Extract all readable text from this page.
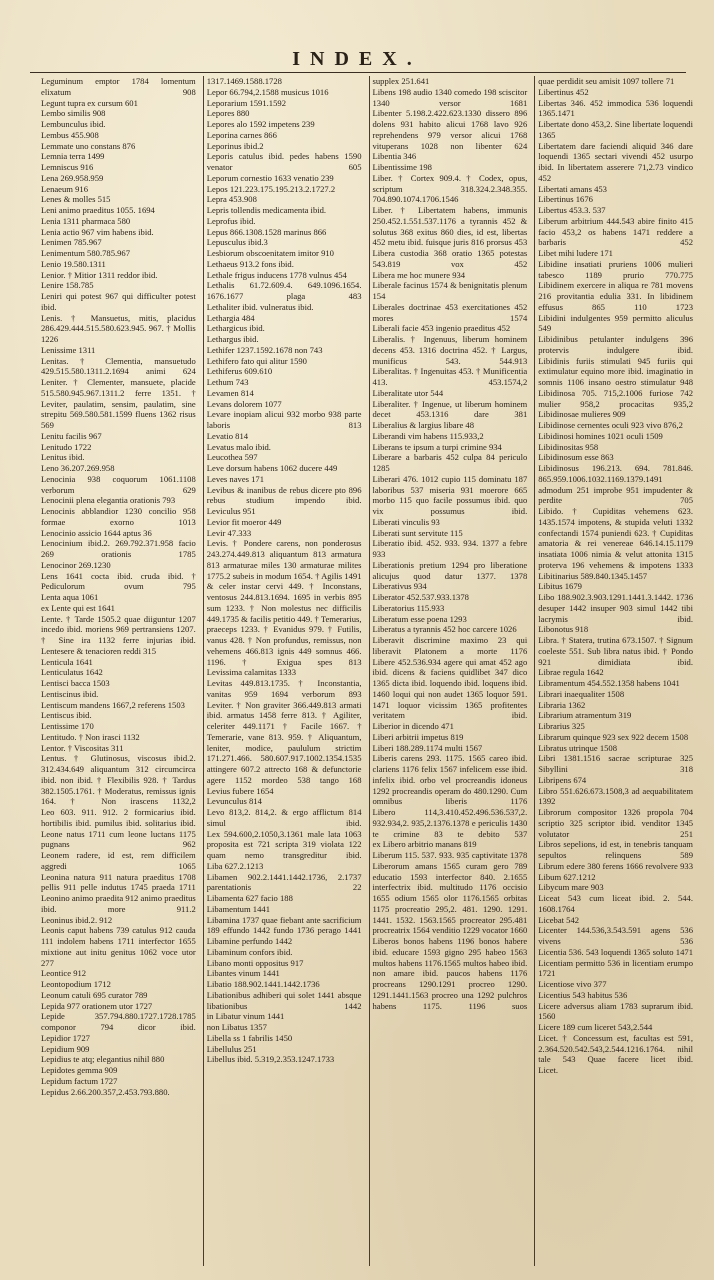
INDEX.
Leguminum emptor 1784 lomentum elixatum 908
Legunt tupra ex cursum 601
Lembo similis 908
Lembunculus ibid.
Lembus 455.908
Lemmate uno constans 876
Lemnia terra 1499
Lemniscus 916
Lena 269.958.959
Lenaeum 916
Lenes & molles 515
Leni animo praeditus 1055. 1694
Lenia 1311 pharmaca 580
Lenia actio 967 vim habens ibid.
Lenimen 785.967
Lenimentum 580.785.967
Lenio 19.580.1311
Lenior. † Mitior 1311 reddor ibid.
Lenire 158.785
Leniri qui potest 967 qui difficulter potest ibid.
Lenis. † Mansuetus, mitis, placidus 286.429.444.515.580.623.945. 967. † Mollis 1226
Lenissime 1311
Lenitas. † Clementia, mansuetudo 429.515.580.1311.2.1694 animi 624
Leniter. † Clementer, mansuete, placide 515.580.945.967.1311.2 ferre 1351. † Leviter, paulatim, sensim, paulatim, sine strepitu 569.580.581.1599 fluens 1362 risus 569
Lenitu facilis 967
Lenitudo 1722
Lenitus ibid.
Leno 36.207.269.958
Lenocinia 938 coquorum 1061.1108 verborum 629
Lenocinii plena elegantia orationis 793
Lenocinis abblandior 1230 concilio 958 formae exorno 1013
Lenocinio assicio 1644 aptus 36
Lenocinium ibid.2. 269.792.371.958 facio 269 orationis 1785
Lenocinor 269.1230
Lens 1641 cocta ibid. cruda ibid. † Pediculorum ovum 795
Lenta aqua 1061
ex Lente qui est 1641
Lente. † Tarde 1505.2 quae diiguntur 1207 incedo ibid. moriens 969 pertransiens 1207. † Sine ira 1132 ferre injurias ibid.
Lentesere & tenacioren reddi 315
Lenticula 1641
Lenticulatus 1642
Lentisci bacca 1503
Lentiscinus ibid.
Lentiscum mandens 1667,2 referens 1503
Lentiscus ibid.
Lentissime 170
Lentitudo. † Non irasci 1132
Lentor. † Viscositas 311
Lentus. † Glutinosus, viscosus ibid.2. 312.434.649 aliquantum 312 circumcirca ibid. non ibid. † Flexibilis 928. † Tardus 382.1505.1761. † Moderatus, remissus ignis 164. † Non irascens 1132,2
Leo 603. 911. 912. 2 formicarius ibid. hortibilis ibid. pumilus ibid. solitarius ibid.
Leone natus 1711 cum leone luctans 1175 pugnans 962
Leonem radere, id est, rem difficilem aggredi 1065
Leonina natura 911 natura praeditus 1708 pellis 911 pelle indutus 1745 praeda 1711
Leonino animo praedita 912 animo praeditus ibid. more 911.2
Leoninus ibid.2. 912
Leonis caput habens 739 catulus 912 cauda 111 indolem habens 1711 interfector 1655 mixtione aut initu genitus 1062 voce utor 277
Leontice 912
Leontopodium 1712
Leonum catuli 695 curator 789
Lepida 977 orationem utor 1727
Lepide 357.794.880.1727.1728.1785 componor 794 dicor ibid.
Lepidior 1727
Lepidium 909
Lepidius te atq; elegantius nihil 880
Lepidotes gemma 909
Lepidum factum 1727
Lepidus 2.66.200.357,2.453.793.880.
1317.1469.1588.1728
Lepor 66.794,2.1588 musicus 1016
Leporarium 1591.1592
Lepores 880
Lepores alo 1592 impetens 239
Leporina carnes 866
Leporinus ibid.2
Leporis catulus ibid. pedes habens 1590 venator 605
Leporum cornestio 1633 venatio 239
Lepos 121.223.175.195.213.2.1727.2
Lepra 453.908
Lepris tollendis medicamenta ibid.
Leprofus ibid.
Lepus 866.1308.1528 marinus 866
Lepusculus ibid.3
Lesbiorum obscoenitatem imitor 910
Lethaeus 913.2 fons ibid.
Lethale frigus inducens 1778 vulnus 454
Lethalis 61.72.609.4. 649.1096.1654. 1676.1677 plaga 483
Lethaliter ibid. vulneratus ibid.
Lethargia 484
Lethargicus ibid.
Lethargus ibid.
Lethifer 1237.1592.1678 non 743
Lethifero fato qui alitur 1590
Lethiferus 609.610
Lethum 743
Levamen 814
Levans dolorem 1077
Levare inopiam alicui 932 morbo 938 parte laboris 813
Levatio 814
Levatus malo ibid.
Leucothea 597
Leve dorsum habens 1062 ducere 449
Leves naves 171
Levibus & inanibus de rebus dicere pto 896 rebus studium impendo ibid.
Leviculus 951
Levior fit moeror 449
Levir 47.333
Levis. † Pondere carens, non ponderosus 243.274.449.813 aliquantum 813 armatura 813 armaturae miles 130 armaturae milites 1775.2 subeis in modum 1654. † Agilis 1491 & celer instar cervi 449. † Inconstans, ventosus 244.813.1694. 1695 in verbis 895 sum 1233. † Non molestus nec difficilis 449.1735 & facilis petitio 449. † Temerarius, praeceps 1233. † Evanidus 979. † Futilis, vanus 428. † Non profundus, remissus, non vehemens 466.813 ignis 449 somnus 466. 1196. † Exigua spes 813
Levissima calamitas 1333
Levitas 449.813.1735. † Inconstantia, vanitas 959 1694 verborum 893
Leviter. † Non graviter 366.449.813 armati ibid. armatus 1458 ferre 813. † Agiliter, celeriter 449.1171 † Facile 1667. † Temerarie, vane 813. 959. † Aliquantum, leniter, modice, paululum strictim 171.271.466. 580.607.917.1002.1354.1535 attingere 607.2 attrecto 168 & defunctorie agere 1152 mordeo 538 tango 168
Levius fubere 1654
Levunculus 814
Levo 813,2. 814,2. & ergo afflictum 814 simul ibid.
Lex 594.600,2.1050,3.1361 male lata 1063 proposita est 721 scripta 319 violata 122 quam nemo transgreditur ibid.
Liba 627.2.1213
Libamen 902.2.1441.1442.1736, 2.1737 parentationis 22
Libamenta 627 facio 188
Libamentum 1441
Libamina 1737 quae fiebant ante sacrificium 189 effundo 1442 fundo 1736 perago 1441
Libamine perfundo 1442
Libaminum confors ibid.
Libano monti oppositus 917
Libantes vinum 1441
Libatio 188.902.1441.1442.1736
Libationibus adhiberi qui solet 1441 absque libationibus 1442
in Libatur vinum 1441
non Libatus 1357
Libella ss 1 fabrilis 1450
Libellulus 251
Libellus ibid. 5.319,2.353.1247.1733
supplex 251.641
Libens 198 audio 1340 comedo 198 sciscitor 1340 versor 1681
Libenter 5.198.2.422.623.1330 dissero 896 dolens 931 habito alicui 1768 lavo 926 reprehendens 979 versor alicui 1768 vituperans 1028 non libenter 624
Libentia 346
Libentissime 198
Liber. † Cortex 909.4. † Codex, opus, scriptum 318.324.2.348.355. 704.890.1074.1706.1546
Liber. † Libertatem habens, immunis 250.452.1.551.537.1176 a tyrannis 452 & solutus 368 exitus 860 dies, id est, libertas 452 metu ibid. fuisque juris 816 prorsus 453
Libera custodia 368 oratio 1365 potestas 543.819 vox 452
Libera me hoc munere 934
Liberale facinus 1574 & benignitatis plenum 154
Liberales doctrinae 453 exercitationes 452 mores 1574
Liberali facie 453 ingenio praeditus 452
Liberalis. † Ingenuus, liberum hominem decens 453. 1316 doctrina 452. † Largus, munificus 543. 544.913
Liberalitas. † Ingenuitas 453. † Munificentia 413. 453.1574,2
Liberalitate utor 544
Liberaliter. † Ingenue, ut liberum hominem decet 453.1316 dare 381
Liberalius & largius libare 48
Liberandi vim habens 115.933,2
Liberans te ipsum a turpi crimine 934
Liberare a barbaris 452 culpa 84 periculo 1285
Liberari 476. 1012 cupio 115 dominatu 187 laboribus 537 miseria 931 moerore 665 morbo 115 quo facile possumus ibid. quo vix possumus ibid.
Liberati vinculis 93
Liberati sunt servitute 115
Liberatio ibid. 452. 933. 934. 1377 a febre 933
Liberationis pretium 1294 pro liberatione alicujus quod datur 1377. 1378
Liberativus 934
Liberator 452.537.933.1378
Liberatorius 115.933
Liberatum esse poena 1293
Liberatus a tyrannis 452 hoc carcere 1026
Liberavit discrimine maximo 23 qui liberavit Platonem a morte 1176
Libere 452.536.934 agere qui amat 452 ago ibid. dicens & faciens quidlibet 347 dico 1365 dicta ibid. loquendo ibid. loquens ibid. 1460 loqui qui non audet 1365 loquor 591. 1471 loquor vicissim 1365 profitentes veritatem ibid.
Liberior in dicendo 471
Liberi arbitrii impetus 819
Liberi 188.289.1174 multi 1567
Liberis carens 293. 1175. 1565 careo ibid. clariens 1176 felix 1567 infelicem esse ibid. infelix ibid. orbo vel procreandis idoneus 1292 procreandis operam do 480.1290. Cum omnibus liberis 1176
Libero 114,3.410.452.496.536.537,2. 932.934,2. 935,2.1376.1378 e periculis 1430 te crimine 83 te debito 537
ex Libero arbitrio manans 819
Liberum 115. 537. 933. 935 captivitate 1378
Liberorum amans 1565 curam gero 789 educatio 1593 interfector 840. 2.1655 interfectrix ibid. multitudo 1176 occisio 1655 odium 1565 olor 1176.1565 orbitas 1175 procreatio 295,2. 481. 1290. 1291. 1441. 1532. 1563.1565 procreator 295.481 procreatrix 1564 venditio 1229 vocator 1660
Liberos bonos habens 1196 bonos habere ibid. educare 1593 gigno 295 habeo 1563 multos habens 1176.1565 multos habeo ibid. non amare ibid. paucos habens 1176 procreans 1290.1291 procreo 1290. 1291.1441.1563 procreo una 1292 pulchros habens 1175. 1196 suos
quae perdidit seu amisit 1097 tollere 71
Libertinus 452
Libertas 346. 452 immodica 536 loquendi 1365.1471
Libertate dono 453,2. Sine libertate loquendi 1365
Libertatem dare faciendi aliquid 346 dare loquendi 1365 sectari vivendi 452 usurpo ibid. In libertatem asserere 71,2.73 vindico 452
Libertati amans 453
Libertinus 1676
Libertus 453.3. 537
Liberum arbitrium 444.543 abire finito 415 facio 453,2 os habens 1471 reddere a barbaris 452
Libet mihi ludere 171
Libidine insatiati pruriens 1006 mulieri tabesco 1189 prurio 770.775
Libidinem exercere in aliqua re 781 movens 216 provitantia edulia 331. In libidinem effusus 865 110 1723
Libidini indulgentes 959 permitto aliculus 549
Libidinibus petulanter indulgens 396 protervis indulgere ibid.
Libidinis furiis stimulati 945 furiis qui extimulatur equino more ibid. imaginatio in somnis 1106 insano oestro stimulatur 948
Libidinosa 705. 715,2.1006 furiose 742 mulier 958,2 procacitas 935,2
Libidinosae mulieres 909
Libidinose cernentes oculi 923 vivo 876,2
Libidinosi homines 1021 oculi 1509
Libidinositas 958
Libidinosum esse 863
Libidinosus 196.213. 694. 781.846. 865.959.1006.1032.1169.1379.1491 admodum 251 improbe 951 impudenter & perdite 705
Libido. † Cupiditas vehemens 623. 1435.1574 impotens, & stupida veluti 1332 confectandi 1574 puniendi 623. † Cupiditas amatoria & rei venereae 646.14.15.1179 insatiata 1006 nimia & velut attonita 1315 proterva 196 vehemens & impotens 1333
Libitinarius 589.840.1345.1457
Libitus 1679
Libo 188.902.3.903.1291.1441.3.1442. 1736 desuper 1442 insuper 903 simul 1442 tibi lacrymis ibid.
Libonotus 918
Libra. † Statera, trutina 673.1507. † Signum coeleste 551. Sub libra natus ibid. † Pondo 921 dimidiata ibid.
Librae regula 1642
Libramentum 454.552.1358 habens 1041
Librari inaequaliter 1508
Libraria 1362
Librarium atramentum 319
Librarius 325
Librarum quinque 923 sex 922 decem 1508
Libratus utrinque 1508
Libri 1381.1516 sacrae scripturae 325 Sibyllini 318
Libripens 674
Libro 551.626.673.1508,3 ad aequabilitatem 1392
Librorum compositor 1326 propola 704 scriptio 325 scriptor ibid. venditor 1345 volutator 251
Libros sepelions, id est, in tenebris tanquam sepultos relinquens 589
Librum edere 380 ferens 1666 revolvere 933
Libum 627.1212
Libycum mare 903
Liceat 543 cum liceat ibid. 2. 544. 1608.1764
Licebat 542
Licenter 144.536,3.543.591 agens 536 vivens 536
Licentia 536. 543 loquendi 1365 soluto 1471
Licentiam permitto 536 in licentiam erumpo 1721
Licentiose vivo 377
Licentius 543 habitus 536
Licere adversus aliam 1783 suprarum ibid. 1560
Licere 189 cum liceret 543,2.544
Licet. † Concessum est, facultas est 591, 2.364.520.542.543,2.544.1216.1764. nihil tale 543 Quae facere licet ibid.
Licet.
